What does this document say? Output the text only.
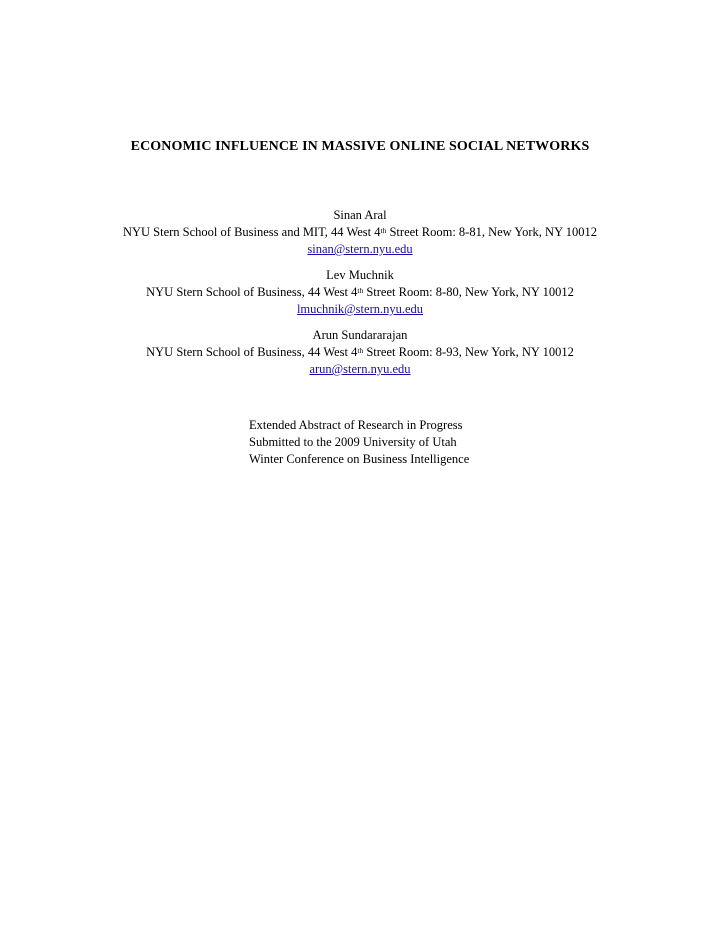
ECONOMIC INFLUENCE IN MASSIVE ONLINE SOCIAL NETWORKS
Sinan Aral
NYU Stern School of Business and MIT, 44 West 4th Street Room: 8-81, New York, NY 10012
sinan@stern.nyu.edu
Lev Muchnik
NYU Stern School of Business, 44 West 4th Street Room: 8-80, New York, NY 10012
lmuchnik@stern.nyu.edu
Arun Sundararajan
NYU Stern School of Business, 44 West 4th Street Room: 8-93, New York, NY 10012
arun@stern.nyu.edu
Extended Abstract of Research in Progress
Submitted to the 2009 University of Utah
Winter Conference on Business Intelligence
